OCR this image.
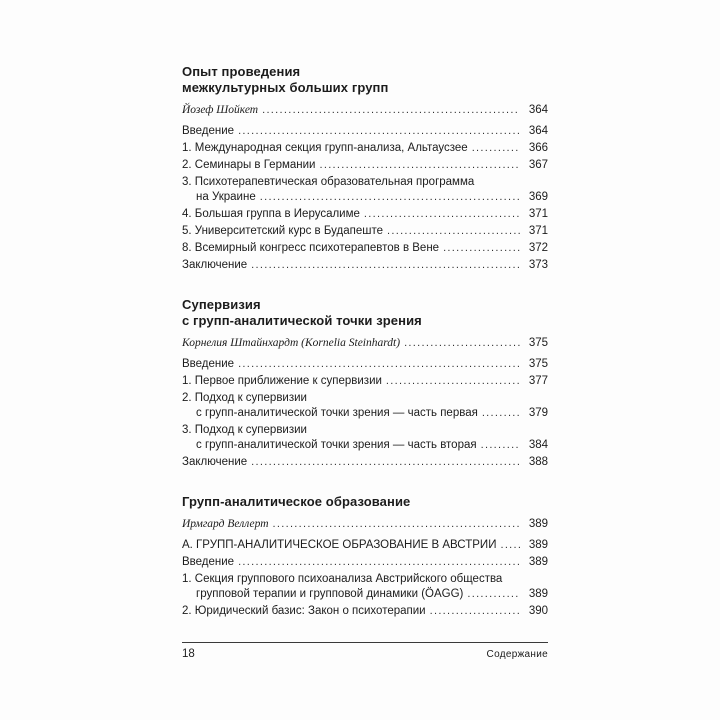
Опыт проведения
межкультурных больших групп
Йозеф Шойкет .....	364
Введение .....	364
1. Международная секция групп-анализа, Альтаусзее .....	366
2. Семинары в Германии .....	367
3. Психотерапевтическая образовательная программа
на Украине .....	369
4. Большая группа в Иерусалиме .....	371
5. Университетский курс в Будапеште .....	371
8. Всемирный конгресс психотерапевтов в Вене .....	372
Заключение .....	373
Супервизия
с групп-аналитической точки зрения
Корнелия Штайнхардт (Kornelia Steinhardt) .....	375
Введение .....	375
1. Первое приближение к супервизии .....	377
2. Подход к супервизии
с групп-аналитической точки зрения — часть первая .....	379
3. Подход к супервизии
с групп-аналитической точки зрения — часть вторая .....	384
Заключение .....	388
Групп-аналитическое образование
Ирмгард Веллерт .....	389
А. ГРУПП-АНАЛИТИЧЕСКОЕ ОБРАЗОВАНИЕ В АВСТРИИ .....	389
Введение .....	389
1. Секция группового психоанализа Австрийского общества
групповой терапии и групповой динамики (ÖAGG) .....	389
2. Юридический базис: Закон о психотерапии .....	390
18	Содержание
